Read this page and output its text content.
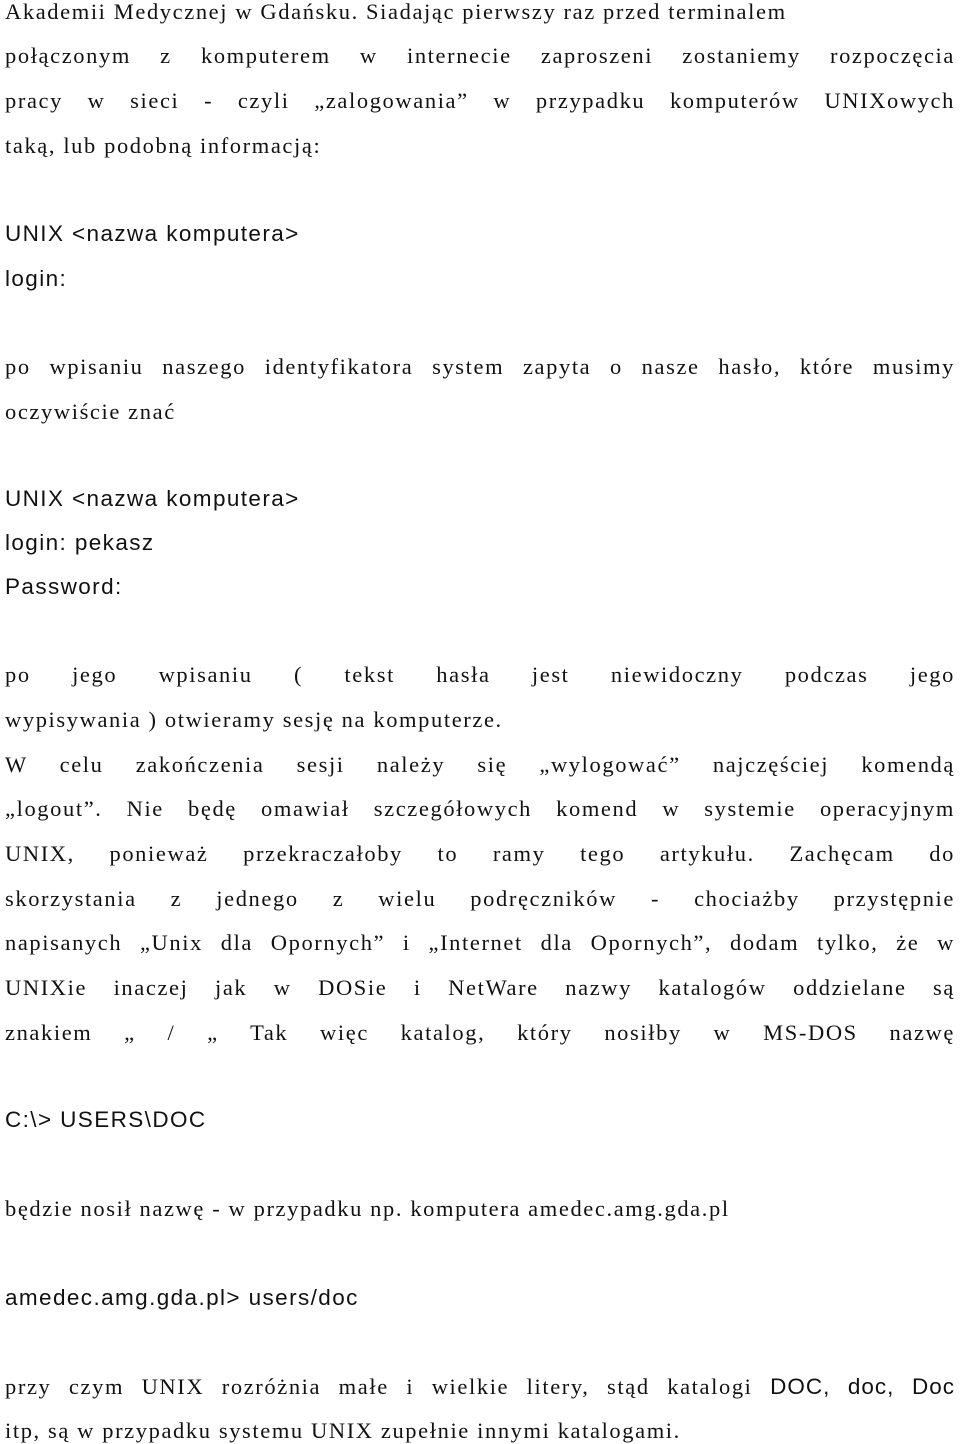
Akademii Medycznej w Gdańsku. Siadając pierwszy raz przed terminalem
połączonym z komputerem w internecie zaproszeni zostaniemy rozpoczęcia
pracy w sieci - czyli „zalogowania” w przypadku komputerów UNIXowych
taką, lub podobną informacją:
UNIX <nazwa komputera>
login:
po wpisaniu naszego identyfikatora system zapyta o nasze hasło, które musimy
oczywiście znać
UNIX <nazwa komputera>
login: pekasz
Password:
po jego wpisaniu ( tekst hasła jest niewidoczny podczas jego
wypisywania ) otwieramy sesję na komputerze.
W celu zakończenia sesji należy się „wylogować” najczęściej komendą
„logout”. Nie będę omawiał szczegółowych komend w systemie operacyjnym
UNIX, ponieważ przekraczałoby to ramy tego artykułu. Zachęcam do
skorzystania z jednego z wielu podręczników - chociażby przystępnie
napisanych „Unix dla Opornych” i „Internet dla Opornych”, dodam tylko, że w
UNIXie inaczej jak w DOSie i NetWare nazwy katalogów oddzielane są
znakiem „ / „ Tak więc katalog, który nosiłby w MS-DOS nazwę
C:\> USERS\DOC
będzie nosił nazwę - w przypadku np. komputera amedec.amg.gda.pl
amedec.amg.gda.pl> users/doc
przy czym UNIX rozróżnia małe i wielkie litery, stąd katalogi DOC, doc, Doc
itp, są w przypadku systemu UNIX zupełnie innymi katalogami.
